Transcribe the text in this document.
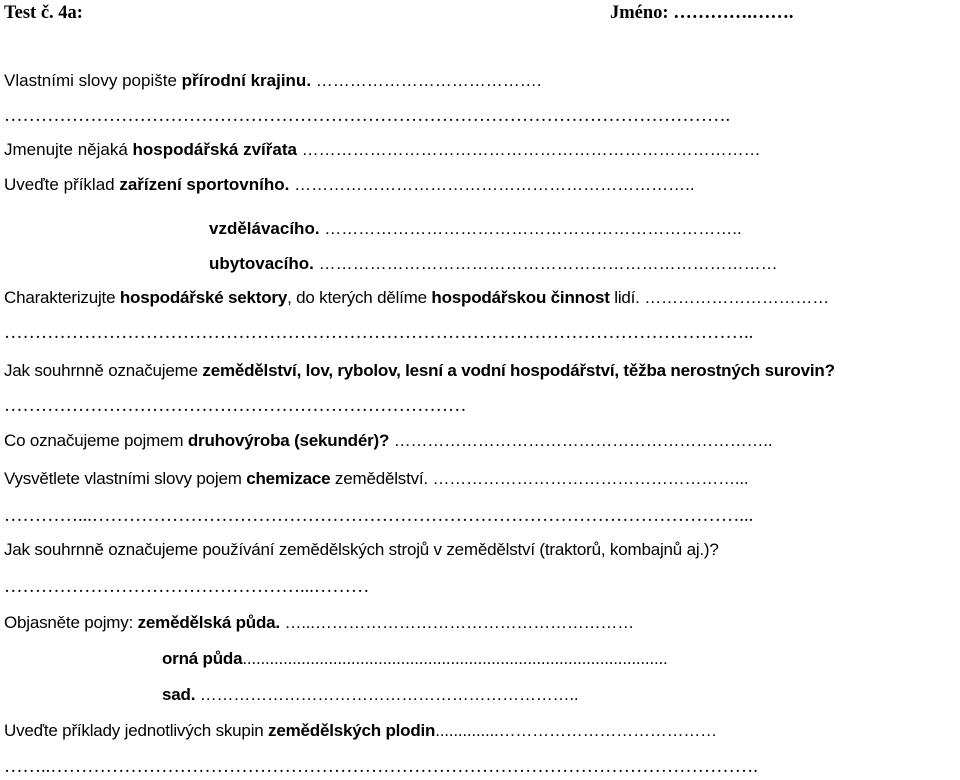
Test č. 4a:	Jméno: ………….…….
Vlastními slovy popište přírodní krajinu. ………………………………….
……………………………………………………………………………………………………….
Jmenujte nějaká hospodářská zvířata ………………………………………………………………………
Uveďte příklad zařízení sportovního. ……………………………………………………………..
vzdělávacího. ………………………………………………………………..
ubytovacího. ………………………………………………………………………
Charakterizujte hospodářské sektory, do kterých dělíme hospodářskou činnost lidí. ……………………………
…………………………………………………………………………………………………………..
Jak souhrnně označujeme zemědělství, lov, rybolov, lesní a vodní hospodářství, těžba nerostných surovin?
…………………………………………………………………
Co označujeme pojmem druhovýroba (sekundér)? …………………………………………………………..
Vysvětlete vlastními slovy pojem chemizace zemědělství. ………………………………………………...
…………...……………………………………………………………………………………………...
Jak souhrnně označujeme používání zemědělských strojů v zemědělství (traktorů, kombajnů aj.)?
…………………………………………...………
Objasněte pojmy: zemědělská půda. …...…………………………………………………
orná půda..............................................................................................
sad. …………………………………………………………..
Uveďte příklady jednotlivých skupin zemědělských plodin..............…………………………………
……..…………………………………………………………………………………………………….
